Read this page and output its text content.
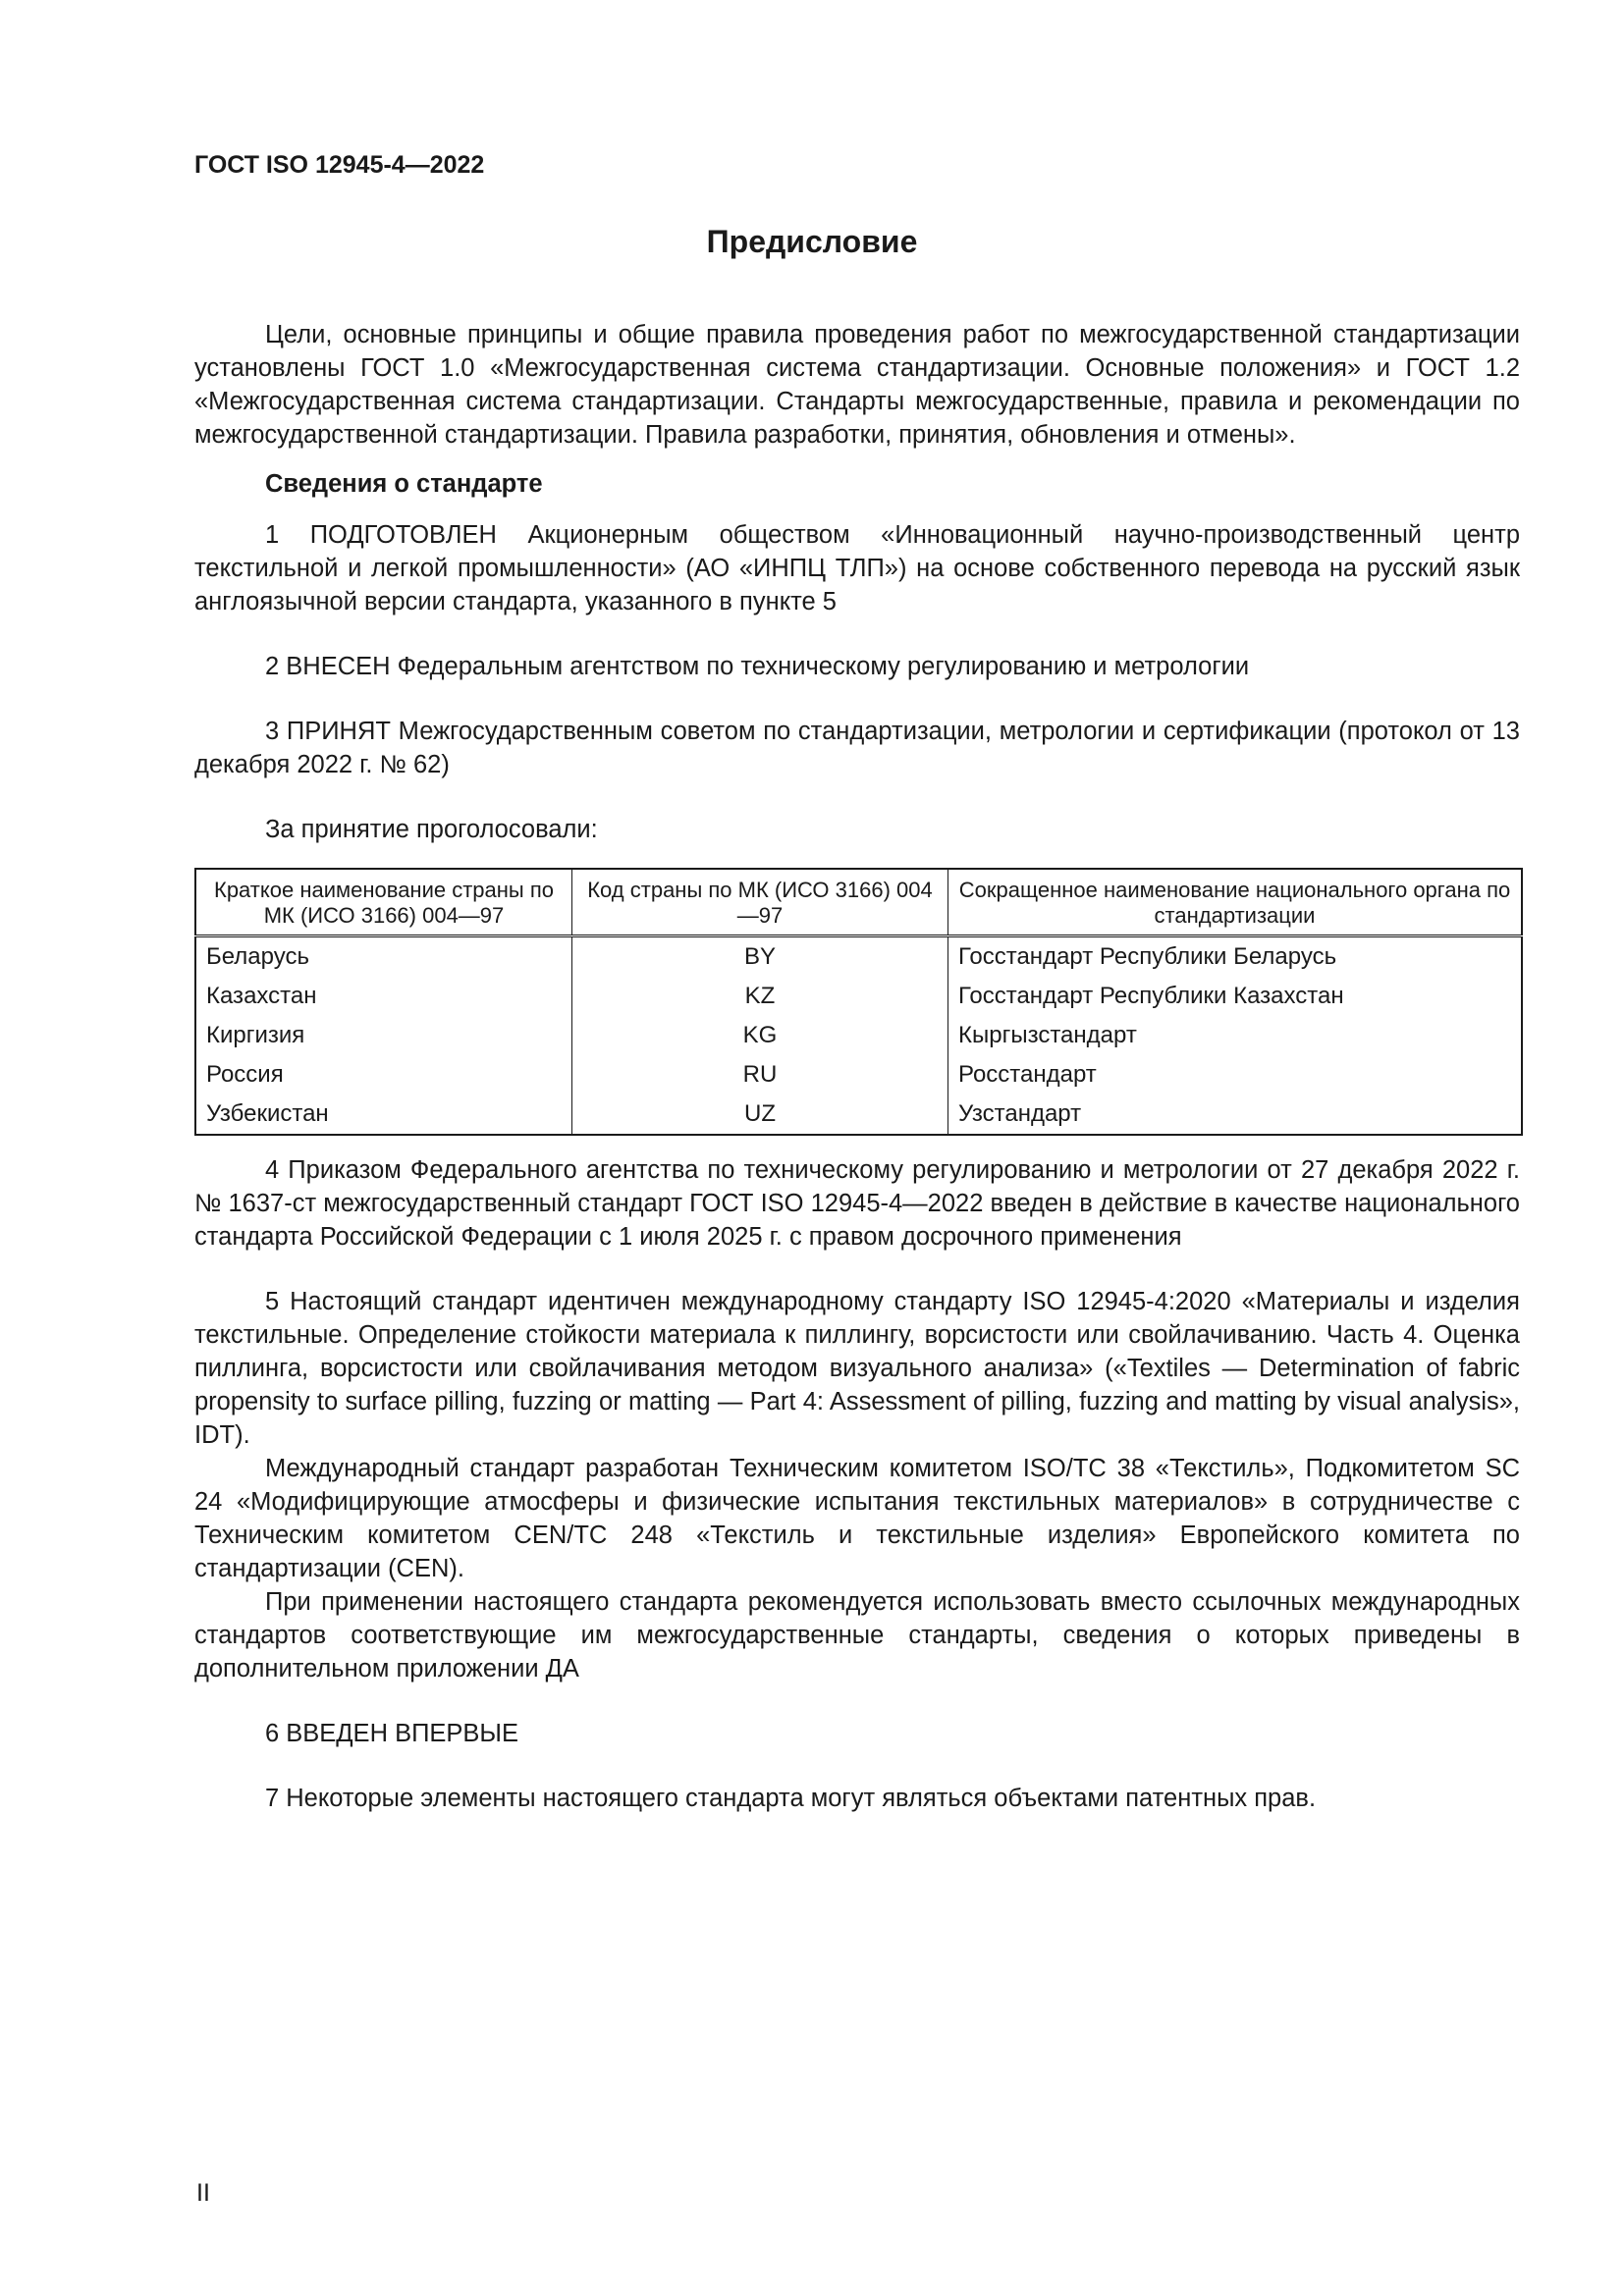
ГОСТ ISO 12945-4—2022
Предисловие

Цели, основные принципы и общие правила проведения работ по межгосударственной стандартизации установлены ГОСТ 1.0 «Межгосударственная система стандартизации. Основные положения» и ГОСТ 1.2 «Межгосударственная система стандартизации. Стандарты межгосударственные, правила и рекомендации по межгосударственной стандартизации. Правила разработки, принятия, обновления и отмены».

Сведения о стандарте

1 ПОДГОТОВЛЕН Акционерным обществом «Инновационный научно-производственный центр текстильной и легкой промышленности» (АО «ИНПЦ ТЛП») на основе собственного перевода на русский язык англоязычной версии стандарта, указанного в пункте 5

2 ВНЕСЕН Федеральным агентством по техническому регулированию и метрологии

3 ПРИНЯТ Межгосударственным советом по стандартизации, метрологии и сертификации (протокол от 13 декабря 2022 г. № 62)

За принятие проголосовали:

Краткое наименование страны по МК (ИСО 3166) 004—97	Код страны по МК (ИСО 3166) 004—97	Сокращенное наименование национального органа по стандартизации
Беларусь	BY	Госстандарт Республики Беларусь
Казахстан	KZ	Госстандарт Республики Казахстан
Киргизия	KG	Кыргызстандарт
Россия	RU	Росстандарт
Узбекистан	UZ	Узстандарт

4 Приказом Федерального агентства по техническому регулированию и метрологии от 27 декабря 2022 г. № 1637-ст межгосударственный стандарт ГОСТ ISO 12945-4—2022 введен в действие в качестве национального стандарта Российской Федерации с 1 июля 2025 г. с правом досрочного применения

5 Настоящий стандарт идентичен международному стандарту ISO 12945-4:2020 «Материалы и изделия текстильные. Определение стойкости материала к пиллингу, ворсистости или свойлачиванию. Часть 4. Оценка пиллинга, ворсистости или свойлачивания методом визуального анализа» («Textiles — Determination of fabric propensity to surface pilling, fuzzing or matting — Part 4: Assessment of pilling, fuzzing and matting by visual analysis», IDT).

Международный стандарт разработан Техническим комитетом ISO/TC 38 «Текстиль», Подкомитетом SC 24 «Модифицирующие атмосферы и физические испытания текстильных материалов» в сотрудничестве с Техническим комитетом CEN/TC 248 «Текстиль и текстильные изделия» Европейского комитета по стандартизации (CEN).

При применении настоящего стандарта рекомендуется использовать вместо ссылочных международных стандартов соответствующие им межгосударственные стандарты, сведения о которых приведены в дополнительном приложении ДА

6 ВВЕДЕН ВПЕРВЫЕ

7 Некоторые элементы настоящего стандарта могут являться объектами патентных прав.

II
